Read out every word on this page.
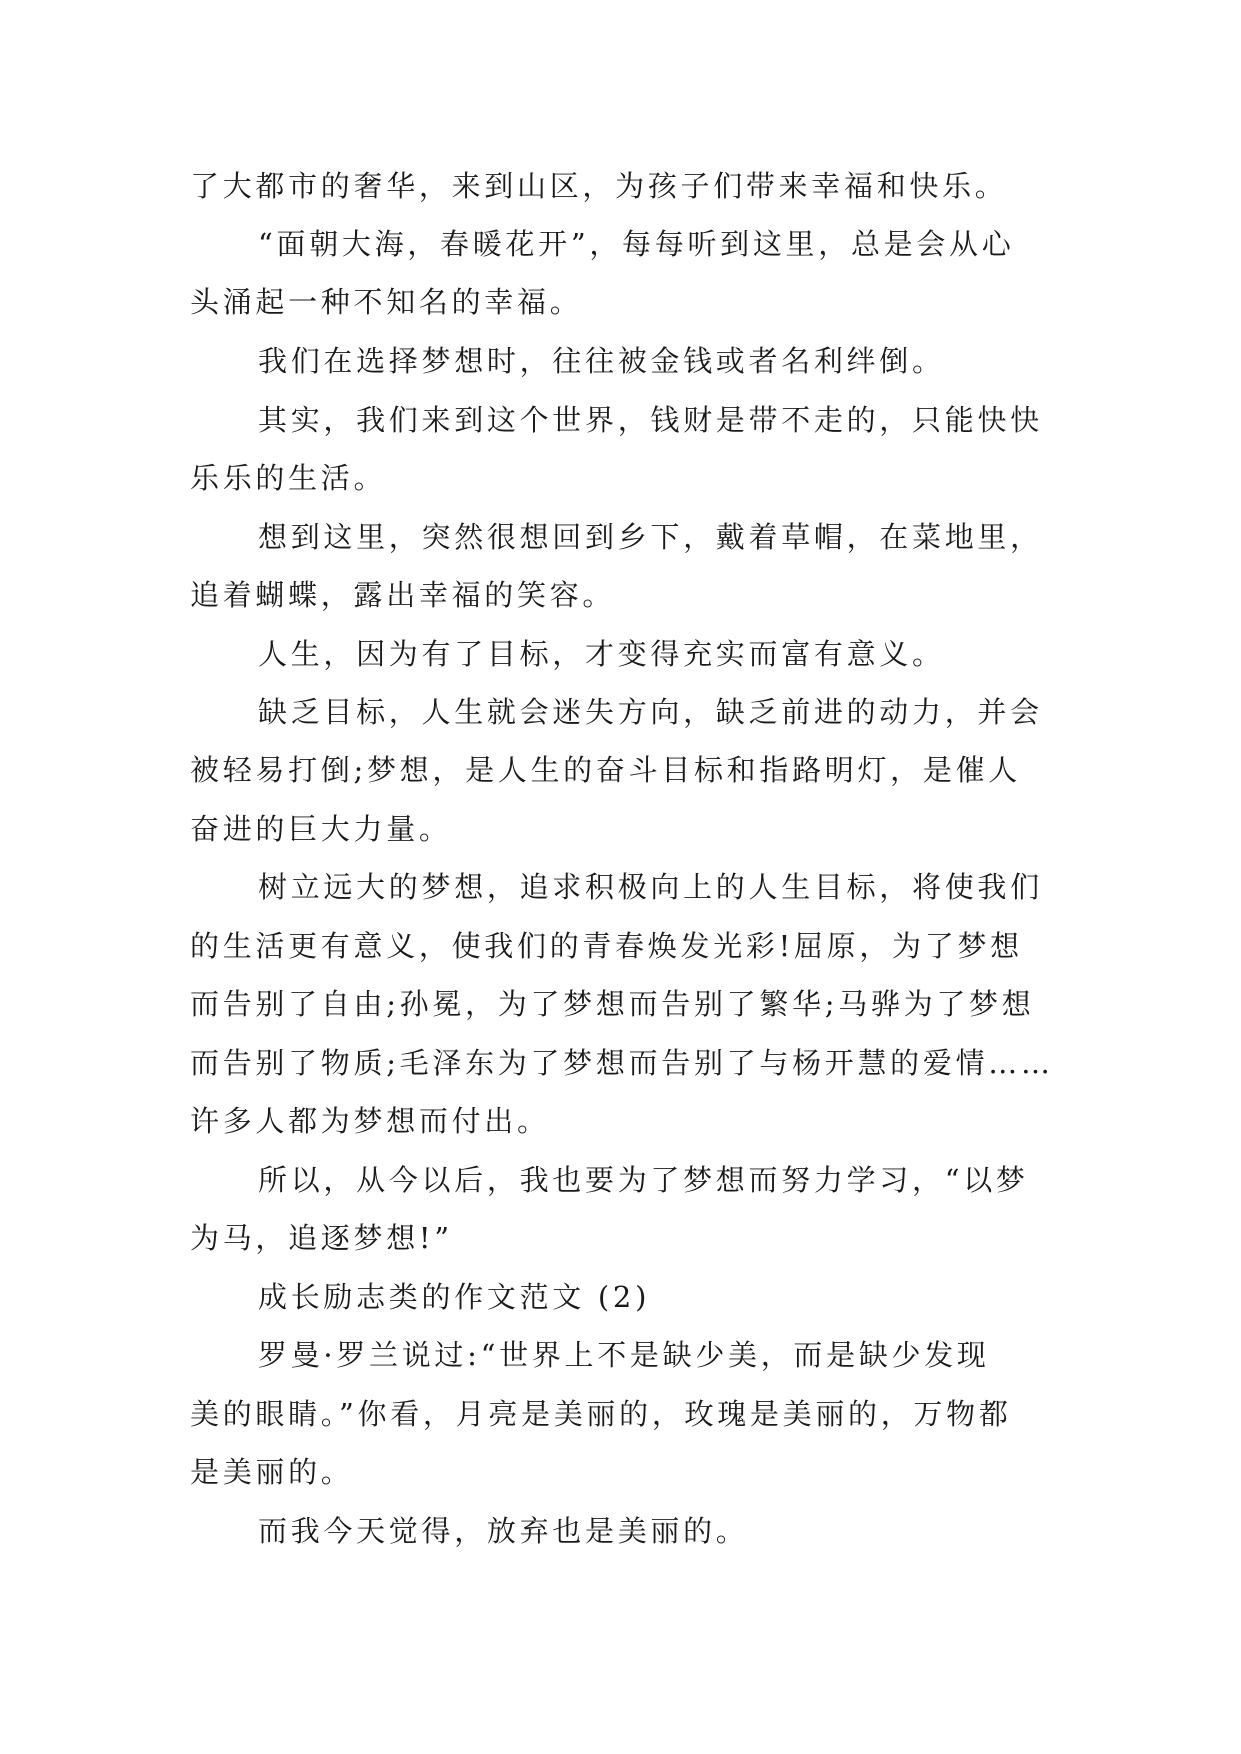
了大都市的奢华，来到山区，为孩子们带来幸福和快乐。
“面朝大海，春暖花开”，每每听到这里，总是会从心
头涌起一种不知名的幸福。
我们在选择梦想时，往往被金钱或者名利绊倒。
其实，我们来到这个世界，钱财是带不走的，只能快快
乐乐的生活。
想到这里，突然很想回到乡下，戴着草帽，在菜地里，
追着蝴蝶，露出幸福的笑容。
人生，因为有了目标，才变得充实而富有意义。
缺乏目标，人生就会迷失方向，缺乏前进的动力，并会
被轻易打倒;梦想，是人生的奋斗目标和指路明灯，是催人
奋进的巨大力量。
树立远大的梦想，追求积极向上的人生目标，将使我们
的生活更有意义，使我们的青春焕发光彩!屈原，为了梦想
而告别了自由;孙冕，为了梦想而告别了繁华;马骅为了梦想
而告别了物质;毛泽东为了梦想而告别了与杨开慧的爱情……
许多人都为梦想而付出。
所以，从今以后，我也要为了梦想而努力学习，“以梦
为马，追逐梦想!”
成长励志类的作文范文 (2)
罗曼·罗兰说过:“世界上不是缺少美，而是缺少发现
美的眼睛。”你看，月亮是美丽的，玫瑰是美丽的，万物都
是美丽的。
而我今天觉得，放弃也是美丽的。
